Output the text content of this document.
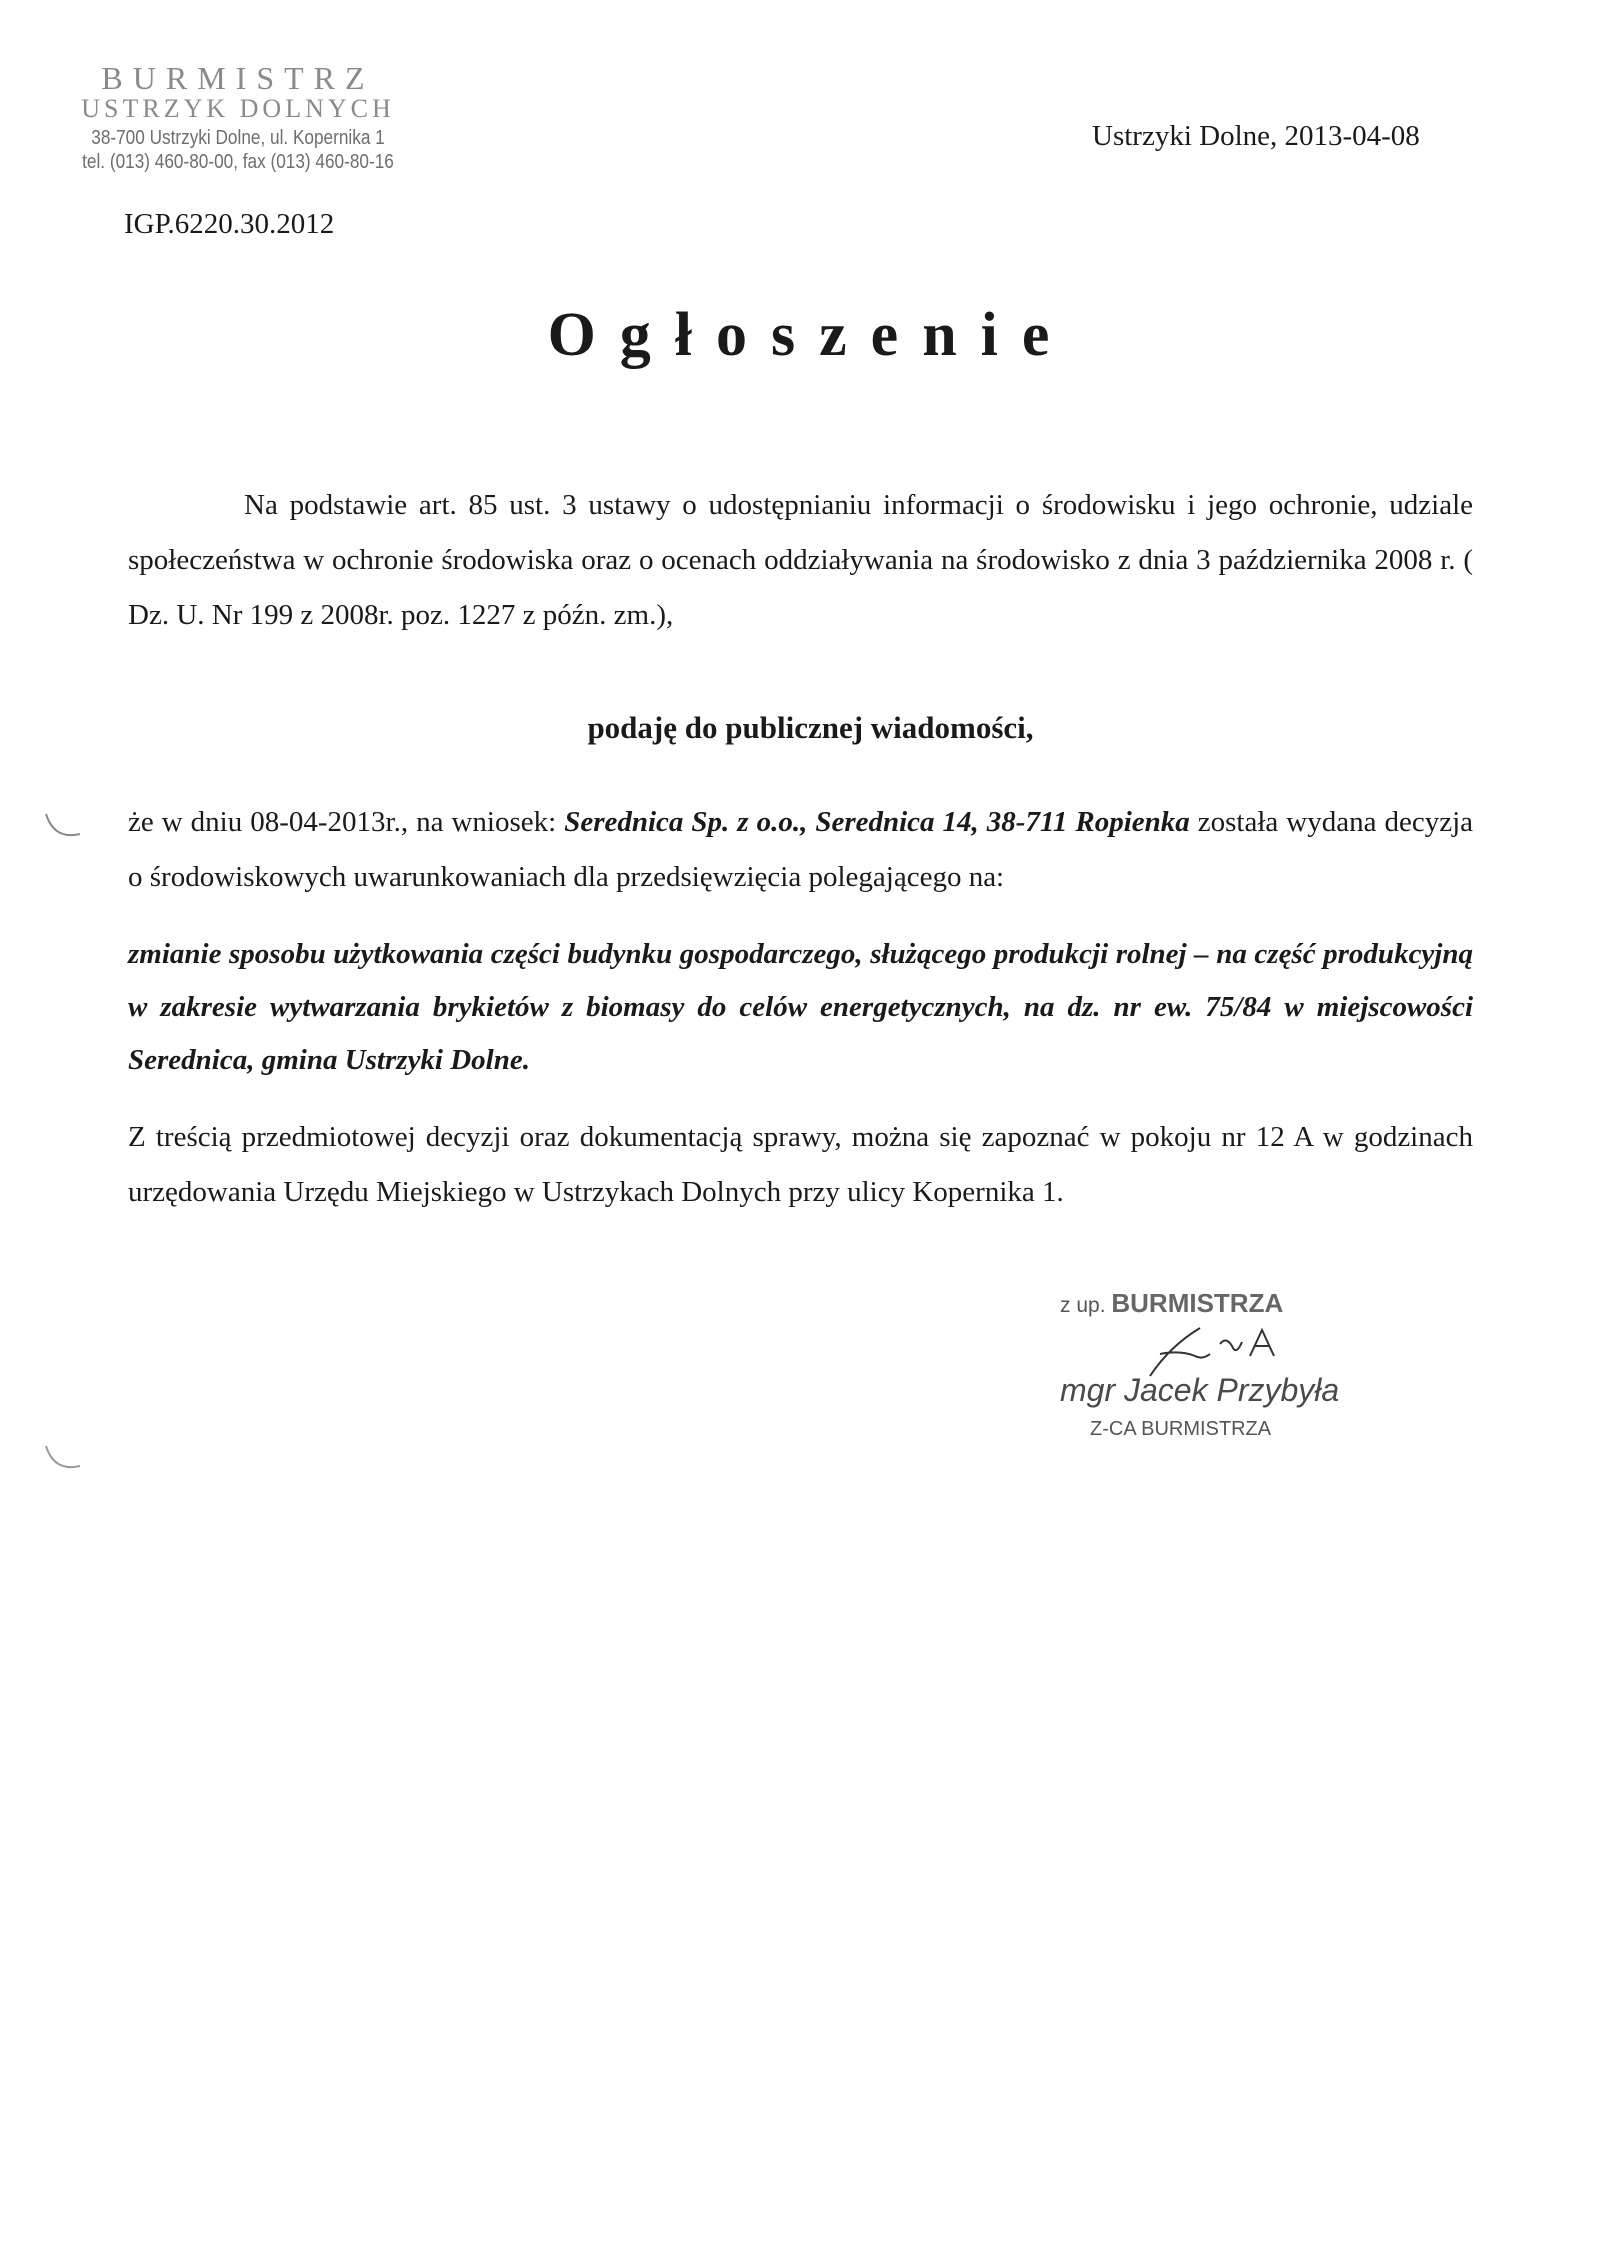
BURMISTRZ
USTRZYK DOLNYCH
38-700 Ustrzyki Dolne, ul. Kopernika 1
tel. (013) 460-80-00, fax (013) 460-80-16
Ustrzyki Dolne, 2013-04-08
IGP.6220.30.2012
Ogłoszenie
Na podstawie art. 85 ust. 3 ustawy o udostępnianiu informacji o środowisku i jego ochronie, udziale społeczeństwa w ochronie środowiska oraz o ocenach oddziaływania na środowisko z dnia 3 października 2008 r. ( Dz. U. Nr 199 z 2008r. poz. 1227 z późn. zm.),
podaję do publicznej wiadomości,
że w dniu 08-04-2013r., na wniosek: Serednica Sp. z o.o., Serednica 14, 38-711 Ropienka została wydana decyzja o środowiskowych uwarunkowaniach dla przedsięwzięcia polegającego na:
zmianie sposobu użytkowania części budynku gospodarczego, służącego produkcji rolnej – na część produkcyjną w zakresie wytwarzania brykietów z biomasy do celów energetycznych, na dz. nr ew. 75/84 w miejscowości Serednica, gmina Ustrzyki Dolne.
Z treścią przedmiotowej decyzji oraz dokumentacją sprawy, można się zapoznać w pokoju nr 12 A w godzinach urzędowania Urzędu Miejskiego w Ustrzykach Dolnych przy ulicy Kopernika 1.
z up. BURMISTRZA
mgr Jacek Przybyła
Z-CA BURMISTRZA
